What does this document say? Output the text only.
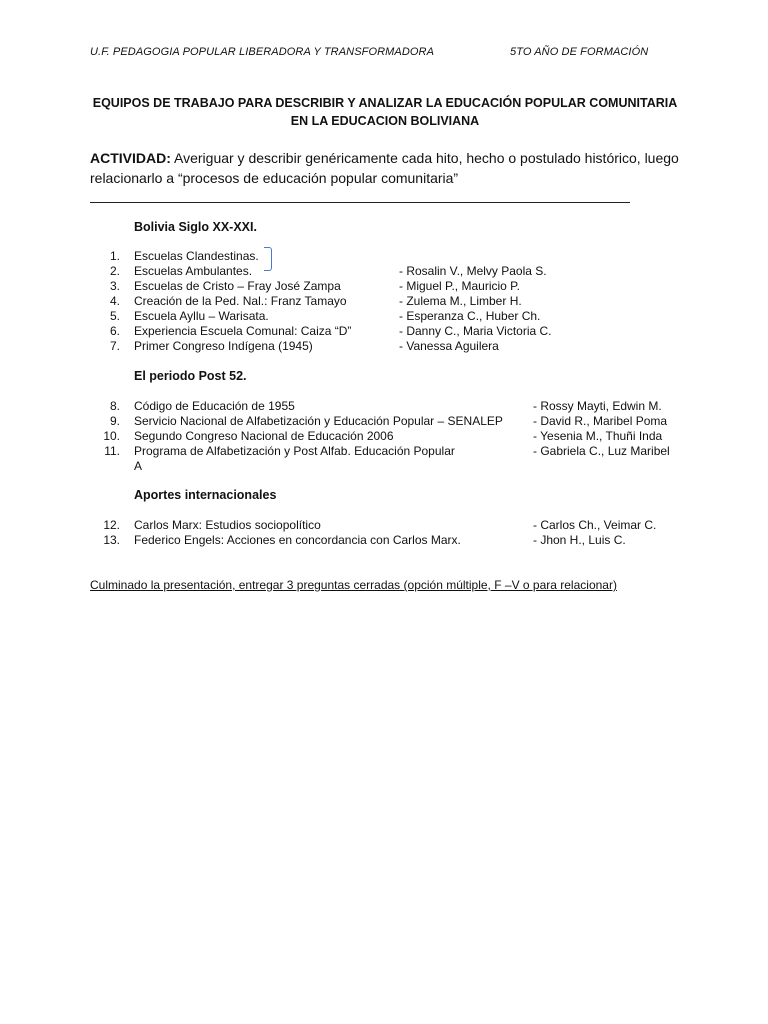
U.F. PEDAGOGIA POPULAR LIBERADORA Y TRANSFORMADORA	5TO AÑO DE FORMACIÓN
EQUIPOS DE TRABAJO PARA DESCRIBIR Y ANALIZAR LA EDUCACIÓN POPULAR COMUNITARIA
EN LA EDUCACION BOLIVIANA
ACTIVIDAD: Averiguar y describir genéricamente cada hito, hecho o postulado histórico, luego relacionarlo a “procesos de educación popular comunitaria”
Bolivia Siglo XX-XXI.
1. Escuelas Clandestinas.
2. Escuelas Ambulantes.	- Rosalin V., Melvy Paola S.
3. Escuelas de Cristo – Fray José Zampa	- Miguel P., Mauricio P.
4. Creación de la Ped. Nal.: Franz Tamayo	- Zulema M., Limber H.
5. Escuela Ayllu – Warisata.	- Esperanza C., Huber Ch.
6. Experiencia Escuela Comunal: Caiza “D”	- Danny C., Maria Victoria C.
7. Primer Congreso Indígena (1945)	- Vanessa Aguilera
El periodo Post 52.
8. Código de Educación de 1955	- Rossy Mayti, Edwin M.
9. Servicio Nacional de Alfabetización y Educación Popular – SENALEP	- David R., Maribel Poma
10. Segundo Congreso Nacional de Educación 2006	- Yesenia M., Thuñi Inda
11. Programa de Alfabetización y Post Alfab. Educación Popular	- Gabriela C., Luz Maribel
A
Aportes internacionales
12. Carlos Marx: Estudios sociopolítico	- Carlos Ch., Veimar C.
13. Federico Engels: Acciones en concordancia con Carlos Marx.	- Jhon H., Luis C.
Culminado la presentación, entregar 3 preguntas cerradas (opción múltiple, F –V o para relacionar)
